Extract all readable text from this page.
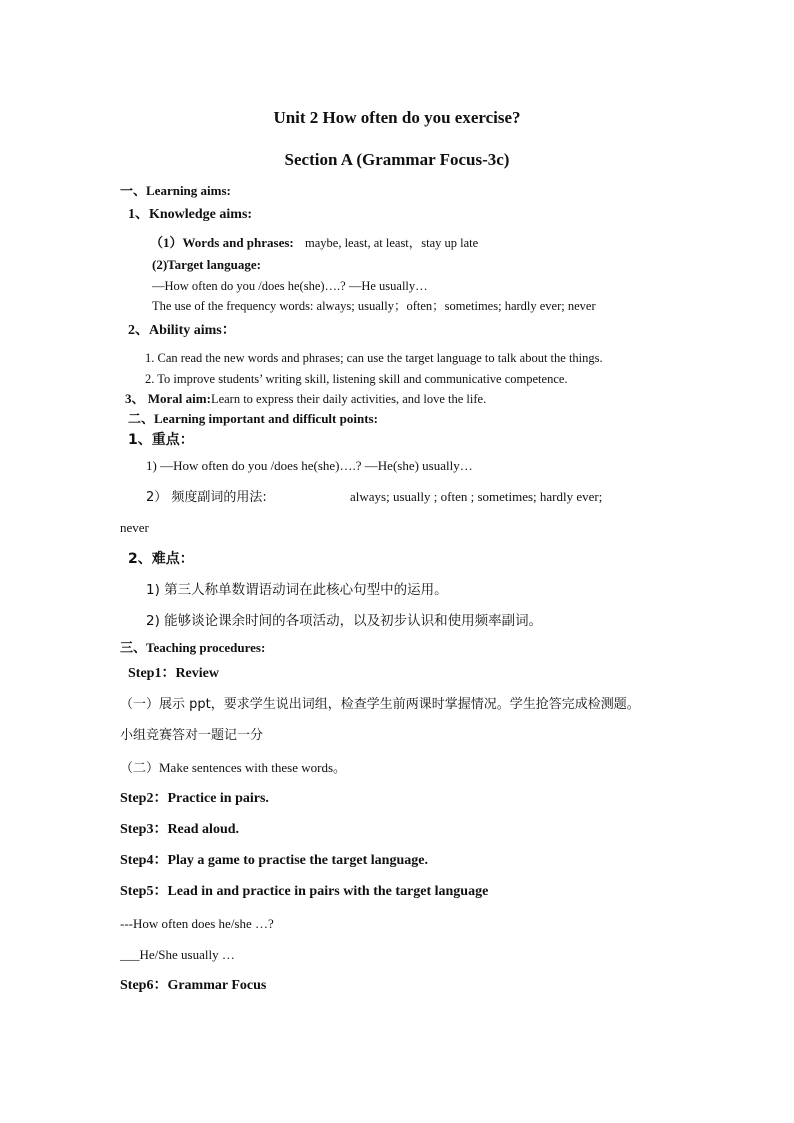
Unit 2 How often do you exercise?
Section A (Grammar Focus-3c)
一、Learning aims:
1、Knowledge aims:
（1）Words and phrases: maybe, least, at least，stay up late
(2)Target language:
—How often do you /does he(she)….? —He usually…
The use of the frequency words: always; usually；often；sometimes; hardly ever; never
2、Ability aims：
1. Can read the new words and phrases; can use the target language to talk about the things.
2. To improve students’ writing skill, listening skill and communicative competence.
3、 Moral aim:Learn to express their daily activities, and love the life.
二、Learning important and difficult points:
1、重点：
1) —How often do you /does he(she)….? —He(she) usually…
2） 频度副词的用法:	always; usually ; often ; sometimes; hardly ever;
never
2、难点：
1) 第三人称单数谓语动词在此核心句型中的运用。
2) 能够谈论课余时间的各项活动，以及初步认识和使用频率副词。
三、Teaching procedures:
Step1：Review
（一）展示 ppt，要求学生说出词组，检查学生前两课时掌握情况。学生抢答完成检测题。
小组竞赛答对一题记一分
（二）Make sentences with these words。
Step2：Practice in pairs.
Step3：Read aloud.
Step4：Play a game to practise the target language.
Step5：Lead in and practice in pairs with the target language
---How often does he/she …?
___He/She usually …
Step6：Grammar Focus
